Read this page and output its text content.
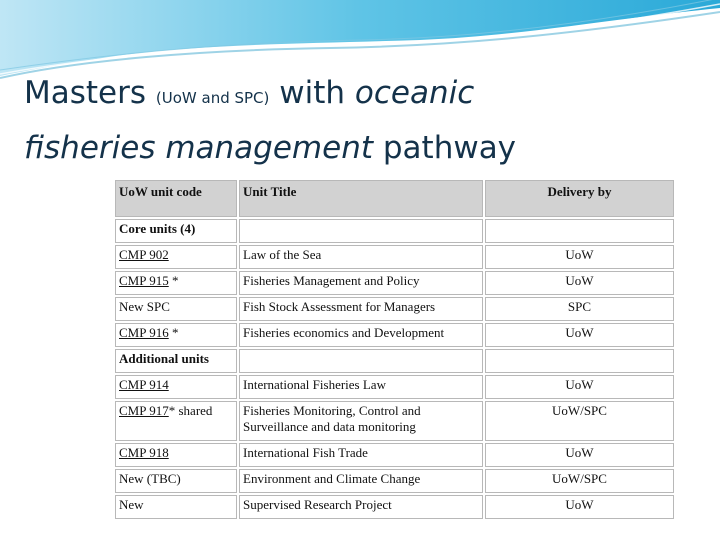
Masters (UoW and SPC) with oceanic
fisheries management pathway
UoW unit code	Unit Title	Delivery by
Core units (4)		
CMP 902	Law of the Sea	UoW
CMP 915 *	Fisheries Management and Policy	UoW
New SPC	Fish Stock Assessment for Managers	SPC
CMP 916 *	Fisheries economics and Development	UoW
Additional units		
CMP 914	International Fisheries Law	UoW
CMP 917* shared	Fisheries Monitoring, Control and Surveillance and data monitoring	UoW/SPC
CMP 918	International Fish Trade	UoW
New (TBC)	Environment and Climate Change	UoW/SPC
New	Supervised Research Project	UoW
